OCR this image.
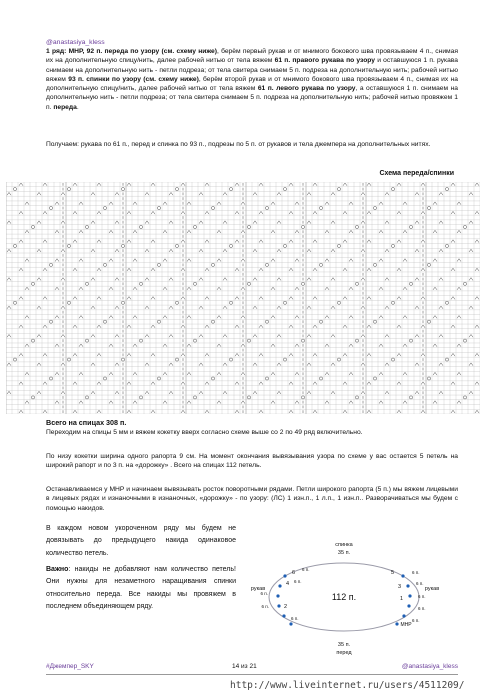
@anastasiya_kless

1 ряд: МНР, 92 п. переда по узору (см. схему ниже), берём первый рукав и от мнимого бокового шва провязываем 4 п., снимая их на дополнительную спицу/нить, далее рабочей нитью от тела вяжем 61 п. правого рукава по узору и оставшуюся 1 п. рукава снимаем на дополнительную нить - петли подреза; от тела свитера снимаем 5 п. подреза на дополнительную нить; рабочей нитью вяжем 93 п. спинки по узору (см. схему ниже), берём второй рукав и от мнимого бокового шва провязываем 4 п., снимая их на дополнительную спицу/нить, далее рабочей нитью от тела вяжем 61 п. левого рукава по узору, а оставшуюся 1 п. снимаем на дополнительную нить - петли подреза; от тела свитера снимаем 5 п. подреза на дополнительную нить; рабочей нитью провяжем 1 п. переда.

Получаем: рукава по 61 п., перед и спинка по 93 п., подрезы по 5 п. от рукавов и тела джемпера на дополнительных нитях.

Схема переда/спинки
Всего на спицах 308 п.

Переходим на спицы 5 мм и вяжем кокетку вверх согласно схеме выше со 2 по 49 ряд включительно.

По низу кокетки ширина одного рапорта 9 см. На момент окончания вывязывания узора по схеме у вас остается 5 петель на широкий рапорт и по 3 п. на «дорожку» . Всего на спицах 112 петель.

Останавливаемся у МНР и начинаем вывязывать росток поворотными рядами. Петли широкого рапорта (5 п.) мы вяжем лицевыми в лицевых рядах и изнаночными в изнаночных, «дорожку» - по узору: (ЛС) 1 изн.п., 1 л.п., 1 изн.п.. Разворачиваться мы будем с помощью накидов.

В каждом новом укороченном ряду мы будем не довязывать до предыдущего накида одинаковое количество петель.

Важно: накиды не добавляют нам количество петель! Они нужны для незаметного наращивания спинки относительно переда. Все накиды мы провяжем в последнем объединяющем ряду.

112 п.
спинка
35 п.
35 п.
перед
рукав	рукав
МНР
6
6 п.
4 6 п.
6 п.
2
6 п.
6 п.
5	6 п.
3
6 п.
1	6 п.
6 п.
6 п.
#Джемпер_SKY	14 из 21	@anastasiya_kless
http://www.liveinternet.ru/users/4511209/
